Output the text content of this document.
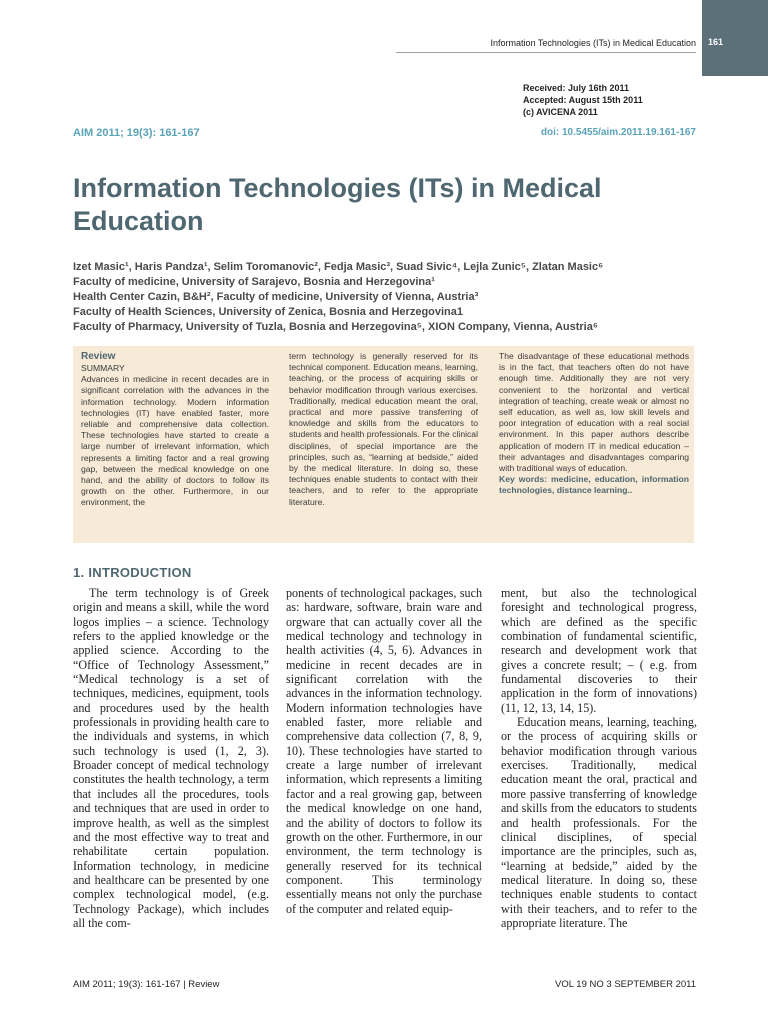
Information Technologies (ITs) in Medical Education 161
Received: July 16th 2011
Accepted: August 15th 2011
(c) AVICENA 2011
AIM 2011; 19(3): 161-167	doi: 10.5455/aim.2011.19.161-167
Information Technologies (ITs) in Medical Education
Izet Masic¹, Haris Pandza¹, Selim Toromanovic², Fedja Masic³, Suad Sivic⁴, Lejla Zunic⁵, Zlatan Masic⁶
Faculty of medicine, University of Sarajevo, Bosnia and Herzegovina¹
Health Center Cazin, B&H², Faculty of medicine, University of Vienna, Austria³
Faculty of Health Sciences, University of Zenica, Bosnia and Herzegovina1
Faculty of Pharmacy, University of Tuzla, Bosnia and Herzegovina⁵, XION Company, Vienna, Austria⁶
Review
SUMMARY
Advances in medicine in recent decades are in significant correlation with the advances in the information technology. Modern information technologies (IT) have enabled faster, more reliable and comprehensive data collection. These technologies have started to create a large number of irrelevant information, which represents a limiting factor and a real growing gap, between the medical knowledge on one hand, and the ability of doctors to follow its growth on the other. Furthermore, in our environment, the
term technology is generally reserved for its technical component. Education means, learning, teaching, or the process of acquiring skills or behavior modification through various exercises. Traditionally, medical education meant the oral, practical and more passive transferring of knowledge and skills from the educators to students and health professionals. For the clinical disciplines, of special importance are the principles, such as, “learning at bedside,” aided by the medical literature. In doing so, these techniques enable students to contact with their teachers, and to refer to the appropriate literature.
The disadvantage of these educational methods is in the fact, that teachers often do not have enough time. Additionally they are not very convenient to the horizontal and vertical integration of teaching, create weak or almost no self education, as well as, low skill levels and poor integration of education with a real social environment. In this paper authors describe application of modern IT in medical education – their advantages and disadvantages comparing with traditional ways of education.
Key words: medicine, education, information technologies, distance learning..
1. INTRODUCTION

The term technology is of Greek origin and means a skill, while the word logos implies – a science. Technology refers to the applied knowledge or the applied science. According to the “Office of Technology Assessment,” “Medical technology is a set of techniques, medicines, equipment, tools and procedures used by the health professionals in providing health care to the individuals and systems, in which such technology is used (1, 2, 3). Broader concept of medical technology constitutes the health technology, a term that includes all the procedures, tools and techniques that are used in order to improve health, as well as the simplest and the most effective way to treat and rehabilitate certain population. Information technology, in medicine and healthcare can be presented by one complex technological model, (e.g. Technology Package), which includes all the com-

ponents of technological packages, such as: hardware, software, brain ware and orgware that can actually cover all the medical technology and technology in health activities (4, 5, 6). Advances in medicine in recent decades are in significant correlation with the advances in the information technology. Modern information technologies have enabled faster, more reliable and comprehensive data collection (7, 8, 9, 10). These technologies have started to create a large number of irrelevant information, which represents a limiting factor and a real growing gap, between the medical knowledge on one hand, and the ability of doctors to follow its growth on the other. Furthermore, in our environment, the term technology is generally reserved for its technical component. This terminology essentially means not only the purchase of the computer and related equip-

ment, but also the technological foresight and technological progress, which are defined as the specific combination of fundamental scientific, research and development work that gives a concrete result; – ( e.g. from fundamental discoveries to their application in the form of innovations) (11, 12, 13, 14, 15).

Education means, learning, teaching, or the process of acquiring skills or behavior modification through various exercises. Traditionally, medical education meant the oral, practical and more passive transferring of knowledge and skills from the educators to students and health professionals. For the clinical disciplines, of special importance are the principles, such as, “learning at bedside,” aided by the medical literature. In doing so, these techniques enable students to contact with their teachers, and to refer to the appropriate literature. The

AIM 2011; 19(3): 161-167 | Review	VOL 19 NO 3 SEPTEMBER 2011
